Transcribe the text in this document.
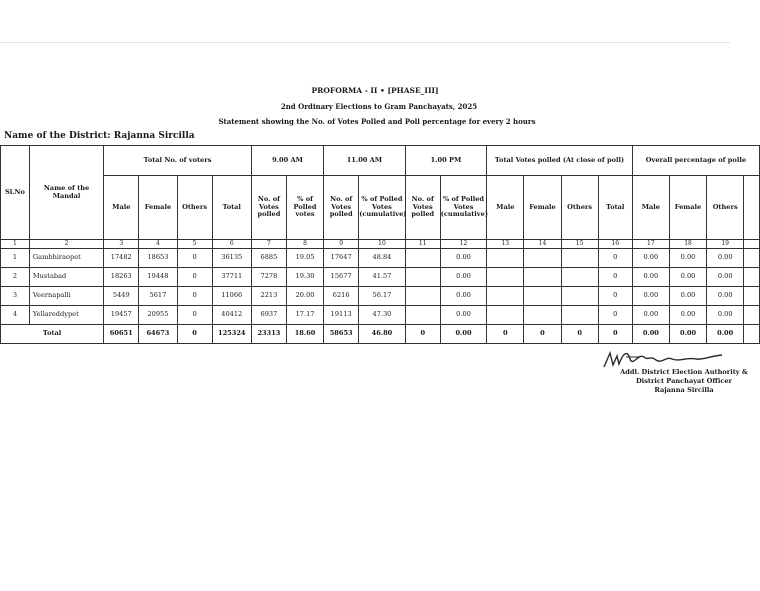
PROFORMA - II • [PHASE_III]
2nd Ordinary Elections to Gram Panchayats, 2025
Statement showing the No. of Votes Polled and Poll percentage for every 2 hours
Name of the District: Rajanna Sircilla
Sl.No	Name of the Mandal	Total No. of voters				9.00 AM		11.00 AM		1.00 PM		Total Votes polled (At close of poll)				Overall percentage of polle			
		Male	Female	Others	Total	No. of Votes polled	% of Polled votes	No. of Votes polled	% of Polled Votes (cumulative)	No. of Votes polled	% of Polled Votes (cumulative)	Male	Female	Others	Total	Male	Female	Others	
1	2	3	4	5	6	7	8	9	10	11	12	13	14	15	16	17	18	19	
1	Gambhiraopet	17482	18653	0	36135	6885	19.05	17647	48.84		0.00				0	0.00	0.00	0.00	
2	Mustabad	18263	19448	0	37711	7278	19.30	15677	41.57		0.00				0	0.00	0.00	0.00	
3	Veernapalli	5449	5617	0	11066	2213	20.00	6216	56.17		0.00				0	0.00	0.00	0.00	
4	Yellareddypet	19457	20955	0	40412	6937	17.17	19113	47.30		0.00				0	0.00	0.00	0.00	
Total		60651	64673	0	125324	23313	18.60	58653	46.80	0	0.00	0	0	0	0	0.00	0.00	0.00	
Addl. District Election Authority &
District Panchayat Officer
Rajanna Sircilla
